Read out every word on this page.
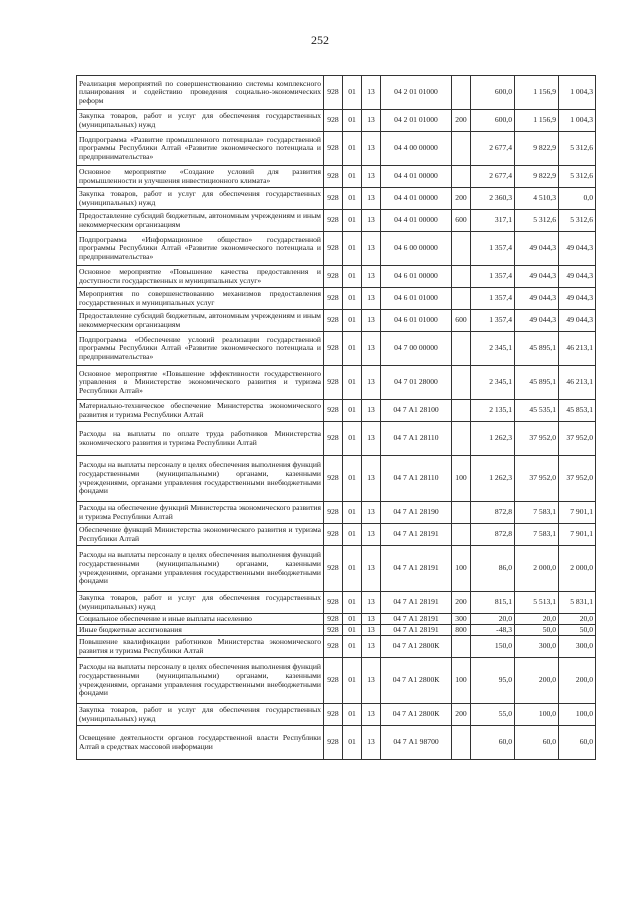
252
Реализация мероприятий по совершенствованию системы комплексного планирования и содействию проведения социально-экономических реформ	928	01	13	04 2 01 01000		600,0	1 156,9	1 004,3
Закупка товаров, работ и услуг для обеспечения государственных (муниципальных) нужд	928	01	13	04 2 01 01000	200	600,0	1 156,9	1 004,3
Подпрограмма «Развитие промышленного потенциала» государственной программы Республики Алтай «Развитие экономического потенциала и предпринимательства»	928	01	13	04 4 00 00000		2 677,4	9 822,9	5 312,6
Основное мероприятие «Создание условий для развития промышленности и улучшения инвестиционного климата»	928	01	13	04 4 01 00000		2 677,4	9 822,9	5 312,6
Закупка товаров, работ и услуг для обеспечения государственных (муниципальных) нужд	928	01	13	04 4 01 00000	200	2 360,3	4 510,3	0,0
Предоставление субсидий бюджетным, автономным учреждениям и иным некоммерческим организациям	928	01	13	04 4 01 00000	600	317,1	5 312,6	5 312,6
Подпрограмма «Информационное общество» государственной программы Республики Алтай «Развитие экономического потенциала и предпринимательства»	928	01	13	04 6 00 00000		1 357,4	49 044,3	49 044,3
Основное мероприятие «Повышение качества предоставления и доступности государственных и муниципальных услуг»	928	01	13	04 6 01 00000		1 357,4	49 044,3	49 044,3
Мероприятия по совершенствованию механизмов предоставления государственных и муниципальных услуг	928	01	13	04 6 01 01000		1 357,4	49 044,3	49 044,3
Предоставление субсидий бюджетным, автономным учреждениям и иным некоммерческим организациям	928	01	13	04 6 01 01000	600	1 357,4	49 044,3	49 044,3
Подпрограмма «Обеспечение условий реализации государственной программы Республики Алтай «Развитие экономического потенциала и предпринимательства»	928	01	13	04 7 00 00000		2 345,1	45 895,1	46 213,1
Основное мероприятие «Повышение эффективности государственного управления в Министерстве экономического развития и туризма Республики Алтай»	928	01	13	04 7 01 28000		2 345,1	45 895,1	46 213,1
Материально-техническое обеспечение Министерства экономического развития и туризма Республики Алтай	928	01	13	04 7 А1 28100		2 135,1	45 535,1	45 853,1
Расходы на выплаты по оплате труда работников Министерства экономического развития и туризма Республики Алтай	928	01	13	04 7 А1 28110		1 262,3	37 952,0	37 952,0
Расходы на выплаты персоналу в целях обеспечения выполнения функций государственными (муниципальными) органами, казенными учреждениями, органами управления государственными внебюджетными фондами	928	01	13	04 7 А1 28110	100	1 262,3	37 952,0	37 952,0
Расходы на обеспечение функций Министерства экономического развития и туризма Республики Алтай	928	01	13	04 7 А1 28190		872,8	7 583,1	7 901,1
Обеспечение функций Министерства экономического развития и туризма Республики Алтай	928	01	13	04 7 А1 28191		872,8	7 583,1	7 901,1
Расходы на выплаты персоналу в целях обеспечения выполнения функций государственными (муниципальными) органами, казенными учреждениями, органами управления государственными внебюджетными фондами	928	01	13	04 7 А1 28191	100	86,0	2 000,0	2 000,0
Закупка товаров, работ и услуг для обеспечения государственных (муниципальных) нужд	928	01	13	04 7 А1 28191	200	815,1	5 513,1	5 831,1
Социальное обеспечение и иные выплаты населению	928	01	13	04 7 А1 28191	300	20,0	20,0	20,0
Иные бюджетные ассигнования	928	01	13	04 7 А1 28191	800	-48,3	50,0	50,0
Повышение квалификации работников Министерства экономического развития и туризма Республики Алтай	928	01	13	04 7 А1 2800К		150,0	300,0	300,0
Расходы на выплаты персоналу в целях обеспечения выполнения функций государственными (муниципальными) органами, казенными учреждениями, органами управления государственными внебюджетными фондами	928	01	13	04 7 А1 2800К	100	95,0	200,0	200,0
Закупка товаров, работ и услуг для обеспечения государственных (муниципальных) нужд	928	01	13	04 7 А1 2800К	200	55,0	100,0	100,0
Освещение деятельности органов государственной власти Республики Алтай в средствах массовой информации	928	01	13	04 7 А1 98700		60,0	60,0	60,0
